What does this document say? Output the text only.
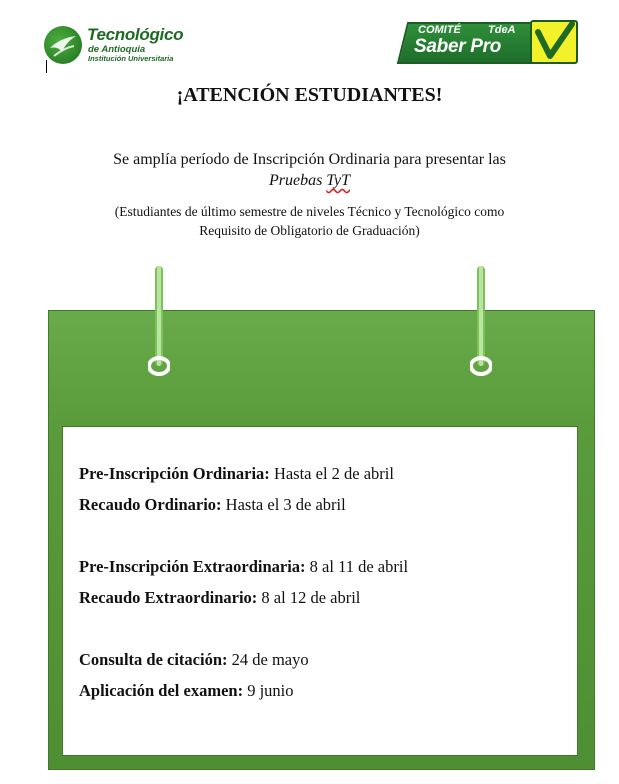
Tecnológico
de Antioquia
Institución Universitaria
COMITÉ TdeA
Saber Pro
¡ATENCIÓN ESTUDIANTES!
Se amplía período de Inscripción Ordinaria para presentar las
Pruebas TyT
(Estudiantes de último semestre de niveles Técnico y Tecnológico como
Requisito de Obligatorio de Graduación)
Pre-Inscripción Ordinaria: Hasta el 2 de abril
Recaudo Ordinario: Hasta el 3 de abril
Pre-Inscripción Extraordinaria: 8 al 11 de abril
Recaudo Extraordinario: 8 al 12 de abril
Consulta de citación: 24 de mayo
Aplicación del examen: 9 junio
